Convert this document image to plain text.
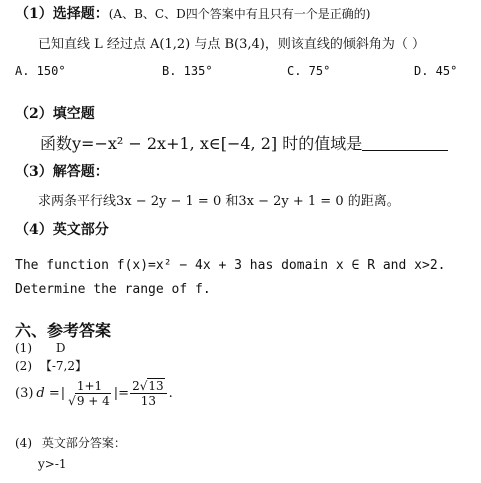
（1）选择题：(A、B、C、D四个答案中有且只有一个是正确的)
已知直线 L 经过点 A(1,2) 与点 B(3,4)，则该直线的倾斜角为（ ）
A. 150°	B. 135°	C. 75°	D. 45°
（2）填空题
函数y=−x² − 2x+1, x∈[−4, 2] 时的值域是
（3）解答题：
求两条平行线3x − 2y − 1 = 0 和3x − 2y + 1 = 0 的距离。
（4）英文部分
The function f(x)=x² − 4x + 3 has domain x ∈ R and x>2.
Determine the range of f.
六、参考答案
(1) D
(2) 【-7,2】
(3) d = | $\frac{1+1}{√9 + 4}$ |= $\frac{2√13}{13}$ .
(4) 英文部分答案：
y>-1
